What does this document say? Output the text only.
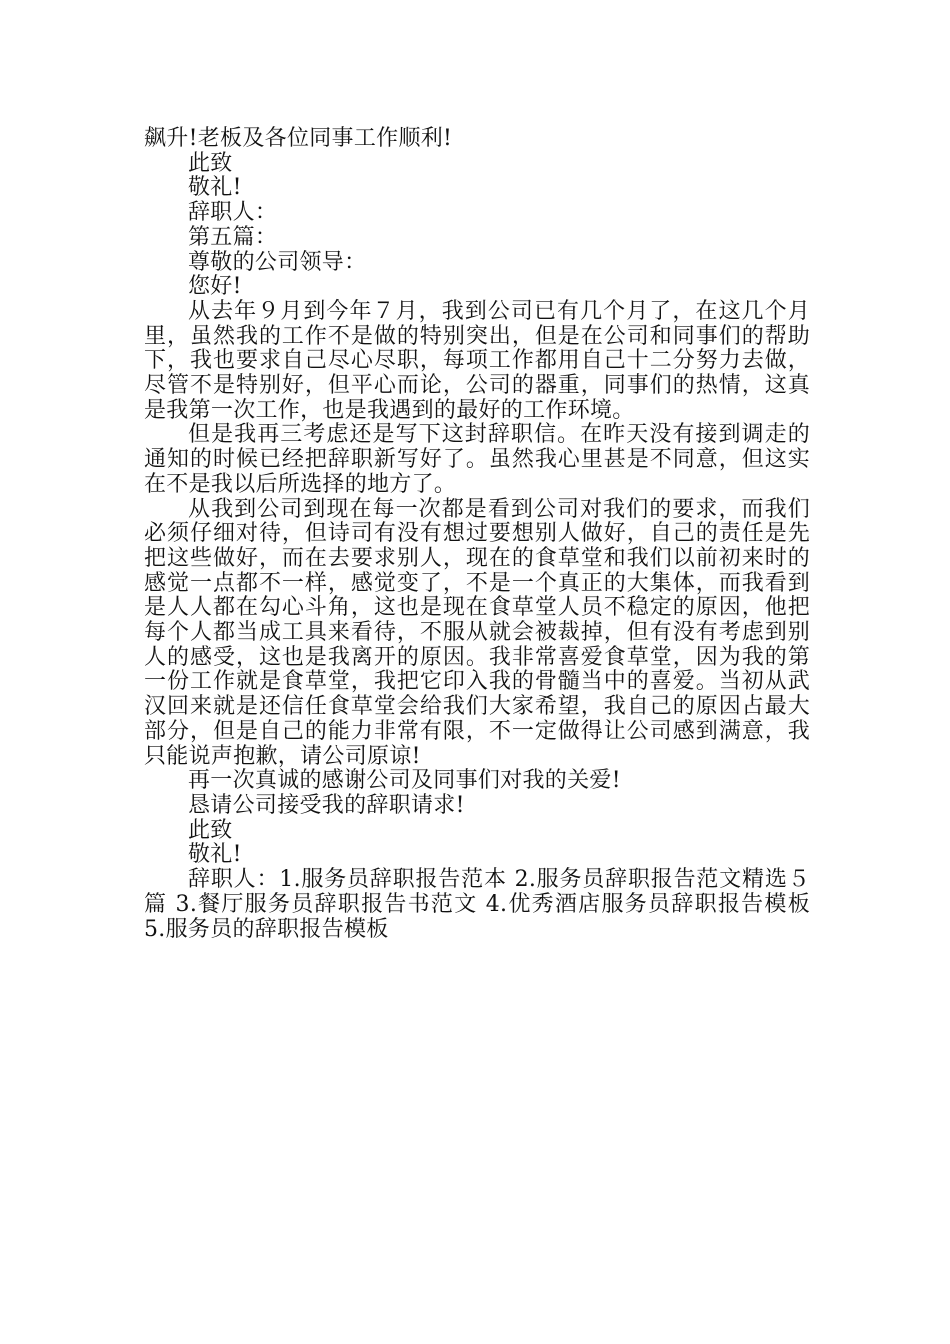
飙升!老板及各位同事工作顺利!

此致

敬礼!

辞职人：

第五篇：

尊敬的公司领导：

您好!

从去年９月到今年７月，我到公司已有几个月了，在这几个月里，虽然我的工作不是做的特别突出，但是在公司和同事们的帮助下，我也要求自己尽心尽职，每项工作都用自己十二分努力去做，尽管不是特别好，但平心而论，公司的器重，同事们的热情，这真是我第一次工作，也是我遇到的最好的工作环境。

但是我再三考虑还是写下这封辞职信。在昨天没有接到调走的通知的时候已经把辞职新写好了。虽然我心里甚是不同意，但这实在不是我以后所选择的地方了。

从我到公司到现在每一次都是看到公司对我们的要求，而我们必须仔细对待，但诗司有没有想过要想别人做好，自己的责任是先把这些做好，而在去要求别人，现在的食草堂和我们以前初来时的感觉一点都不一样，感觉变了，不是一个真正的大集体，而我看到是人人都在勾心斗角，这也是现在食草堂人员不稳定的原因，他把每个人都当成工具来看待，不服从就会被裁掉，但有没有考虑到别人的感受，这也是我离开的原因。我非常喜爱食草堂，因为我的第一份工作就是食草堂，我把它印入我的骨髓当中的喜爱。当初从武汉回来就是还信任食草堂会给我们大家希望，我自己的原因占最大部分，但是自己的能力非常有限，不一定做得让公司感到满意，我只能说声抱歉，请公司原谅!

再一次真诚的感谢公司及同事们对我的关爱!

恳请公司接受我的辞职请求!

此致

敬礼!

辞职人：1.服务员辞职报告范本 2.服务员辞职报告范文精选５篇 3.餐厅服务员辞职报告书范文 4.优秀酒店服务员辞职报告模板 5.服务员的辞职报告模板
